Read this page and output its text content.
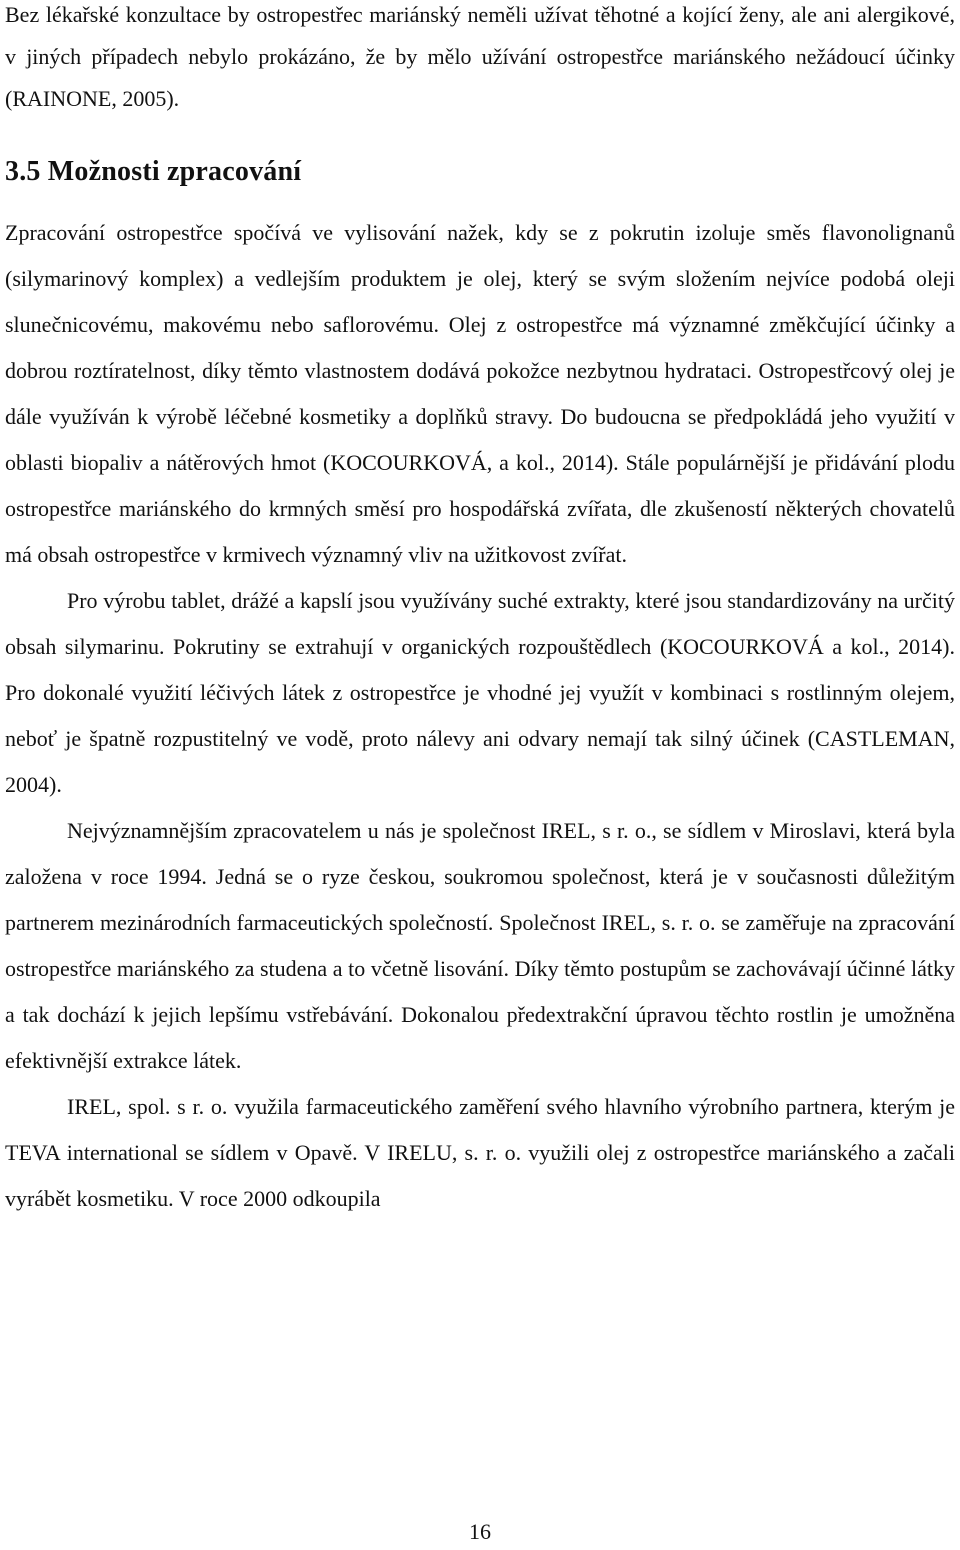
Bez lékařské konzultace by ostropestřec mariánský neměli užívat těhotné a kojící ženy, ale ani alergikové, v jiných případech nebylo prokázáno, že by mělo užívání ostropestřce mariánského nežádoucí účinky (RAINONE, 2005).

3.5 Možnosti zpracování

Zpracování ostropestřce spočívá ve vylisování nažek, kdy se z pokrutin izoluje směs flavonolignanů (silymarinový komplex) a vedlejším produktem je olej, který se svým složením nejvíce podobá oleji slunečnicovému, makovému nebo saflorovému. Olej z ostropestřce má významné změkčující účinky a dobrou roztíratelnost, díky těmto vlastnostem dodává pokožce nezbytnou hydrataci. Ostropestřcový olej je dále využíván k výrobě léčebné kosmetiky a doplňků stravy. Do budoucna se předpokládá jeho využití v oblasti biopaliv a nátěrových hmot (KOCOURKOVÁ, a kol., 2014). Stále populárnější je přidávání plodu ostropestřce mariánského do krmných směsí pro hospodářská zvířata, dle zkušeností některých chovatelů má obsah ostropestřce v krmivech významný vliv na užitkovost zvířat.

Pro výrobu tablet, drážé a kapslí jsou využívány suché extrakty, které jsou standardizovány na určitý obsah silymarinu. Pokrutiny se extrahují v organických rozpouštědlech (KOCOURKOVÁ a kol., 2014). Pro dokonalé využití léčivých látek z ostropestřce je vhodné jej využít v kombinaci s rostlinným olejem, neboť je špatně rozpustitelný ve vodě, proto nálevy ani odvary nemají tak silný účinek (CASTLEMAN, 2004).

Nejvýznamnějším zpracovatelem u nás je společnost IREL, s r. o., se sídlem v Miroslavi, která byla založena v roce 1994. Jedná se o ryze českou, soukromou společnost, která je v současnosti důležitým partnerem mezinárodních farmaceutických společností. Společnost IREL, s. r. o. se zaměřuje na zpracování ostropestřce mariánského za studena a to včetně lisování. Díky těmto postupům se zachovávají účinné látky a tak dochází k jejich lepšímu vstřebávání. Dokonalou předextrakční úpravou těchto rostlin je umožněna efektivnější extrakce látek.

IREL, spol. s r. o. využila farmaceutického zaměření svého hlavního výrobního partnera, kterým je TEVA international se sídlem v Opavě. V IRELU, s. r. o. využili olej z ostropestřce mariánského a začali vyrábět kosmetiku. V roce 2000 odkoupila

16
